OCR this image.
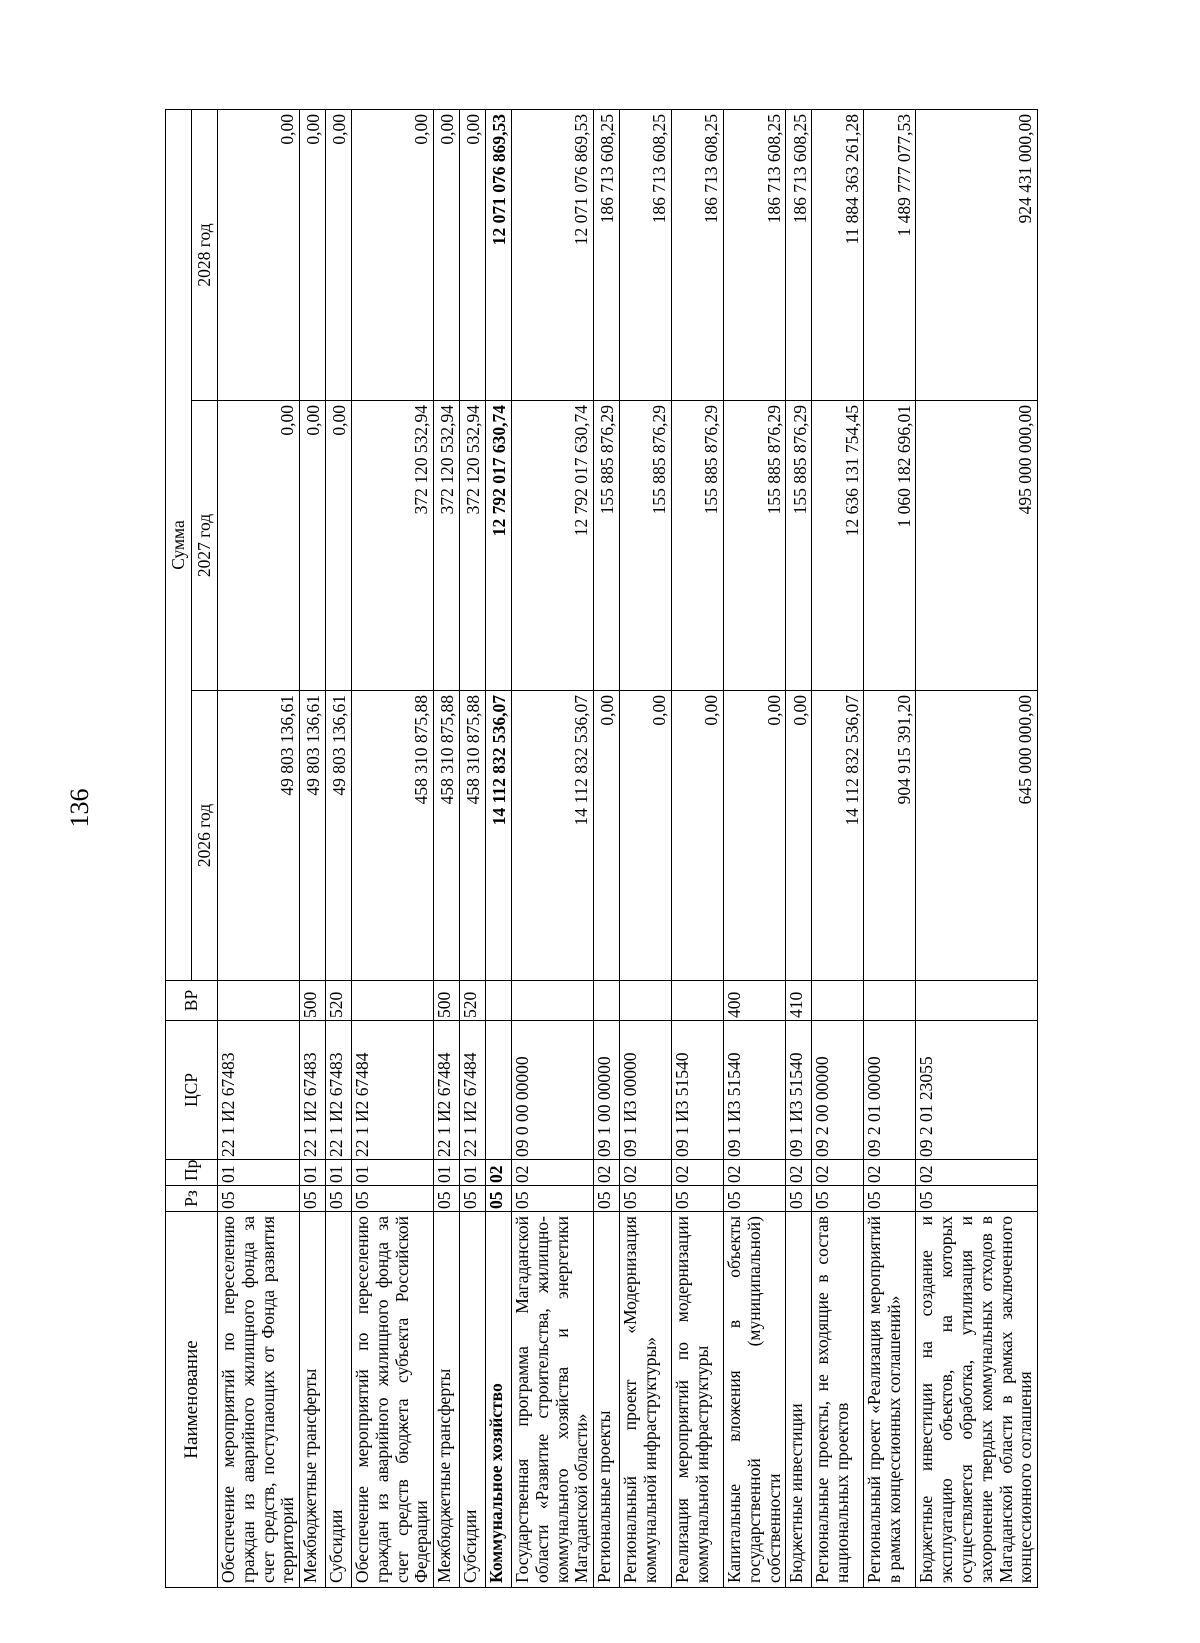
136
Наименование	Рз	Пр	ЦСР	ВР	Сумма		
					2026 год	2027 год	2028 год
Обеспечение мероприятий по переселению граждан из аварийного жилищного фонда за счет средств, поступающих от Фонда развития территорий	05	01	22 1 И2 67483		49 803 136,61	0,00	0,00
Межбюджетные трансферты	05	01	22 1 И2 67483	500	49 803 136,61	0,00	0,00
Субсидии	05	01	22 1 И2 67483	520	49 803 136,61	0,00	0,00
Обеспечение мероприятий по переселению граждан из аварийного жилищного фонда за счет средств бюджета субъекта Российской Федерации	05	01	22 1 И2 67484		458 310 875,88	372 120 532,94	0,00
Межбюджетные трансферты	05	01	22 1 И2 67484	500	458 310 875,88	372 120 532,94	0,00
Субсидии	05	01	22 1 И2 67484	520	458 310 875,88	372 120 532,94	0,00
Коммунальное хозяйство	05	02			14 112 832 536,07	12 792 017 630,74	12 071 076 869,53
Государственная программа Магаданской области «Развитие строительства, жилищно-коммунального хозяйства и энергетики Магаданской области»	05	02	09 0 00 00000		14 112 832 536,07	12 792 017 630,74	12 071 076 869,53
Региональные проекты	05	02	09 1 00 00000		0,00	155 885 876,29	186 713 608,25
Региональный проект «Модернизация коммунальной инфраструктуры»	05	02	09 1 И3 00000		0,00	155 885 876,29	186 713 608,25
Реализация мероприятий по модернизации коммунальной инфраструктуры	05	02	09 1 И3 51540		0,00	155 885 876,29	186 713 608,25
Капитальные вложения в объекты государственной (муниципальной) собственности	05	02	09 1 И3 51540	400	0,00	155 885 876,29	186 713 608,25
Бюджетные инвестиции	05	02	09 1 И3 51540	410	0,00	155 885 876,29	186 713 608,25
Региональные проекты, не входящие в состав национальных проектов	05	02	09 2 00 00000		14 112 832 536,07	12 636 131 754,45	11 884 363 261,28
Региональный проект «Реализация мероприятий в рамках концессионных соглашений»	05	02	09 2 01 00000		904 915 391,20	1 060 182 696,01	1 489 777 077,53
Бюджетные инвестиции на создание и эксплуатацию объектов, на которых осуществляется обработка, утилизация и захоронение твердых коммунальных отходов в Магаданской области в рамках заключенного концессионного соглашения	05	02	09 2 01 23055		645 000 000,00	495 000 000,00	924 431 000,00
